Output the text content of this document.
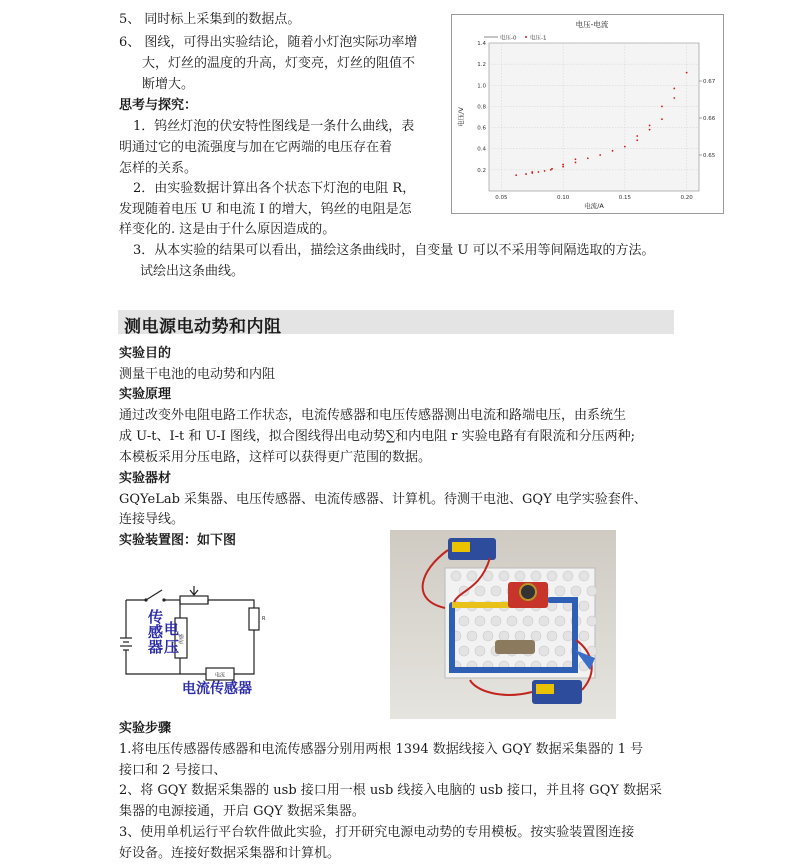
5、 同时标上采集到的数据点。
6、 图线，可得出实验结论，随着小灯泡实际功率增
大，灯丝的温度的升高，灯变亮，灯丝的阻值不
断增大。
思考与探究：
1．钨丝灯泡的伏安特性图线是一条什么曲线，表
明通过它的电流强度与加在它两端的电压存在着
怎样的关系。
2．由实验数据计算出各个状态下灯泡的电阻 R，
发现随着电压 U 和电流 I 的增大，钨丝的电阻是怎
样变化的. 这是由于什么原因造成的。
3．从本实验的结果可以看出，描绘这条曲线时，自变量 U 可以不采用等间隔选取的方法。
试绘出这条曲线。
电压-电流
电压-0 电压-1
0.2
0.4
0.6
0.8
1.0
1.2
1.4
0.05	0.10	0.15	0.20
0.65
0.66
0.67
电流/A
电压/V
测电源电动势和内阻
实验目的
测量干电池的电动势和内阻
实验原理
通过改变外电阻电路工作状态，电流传感器和电压传感器测出电流和路端电压，由系统生
成 U-t、I-t 和 U-I 图线，拟合图线得出电动势∑和内电阻 r 实验电路有有限流和分压两种;
本模板采用分压电路，这样可以获得更广范围的数据。
实验器材
GQYeLab 采集器、电压传感器、电流传感器、计算机。待测干电池、GQY 电学实验套件、
连接导线。
实验装置图：如下图
R
传感
电流
传
感
器
电
压
电流传感器
实验步骤
1.将电压传感器传感器和电流传感器分别用两根 1394 数据线接入 GQY 数据采集器的 1 号
接口和 2 号接口、
2、将 GQY 数据采集器的 usb 接口用一根 usb 线接入电脑的 usb 接口，并且将 GQY 数据采
集器的电源接通，开启 GQY 数据采集器。
3、使用单机运行平台软件做此实验，打开研究电源电动势的专用模板。按实验装置图连接
好设备。连接好数据采集器和计算机。
